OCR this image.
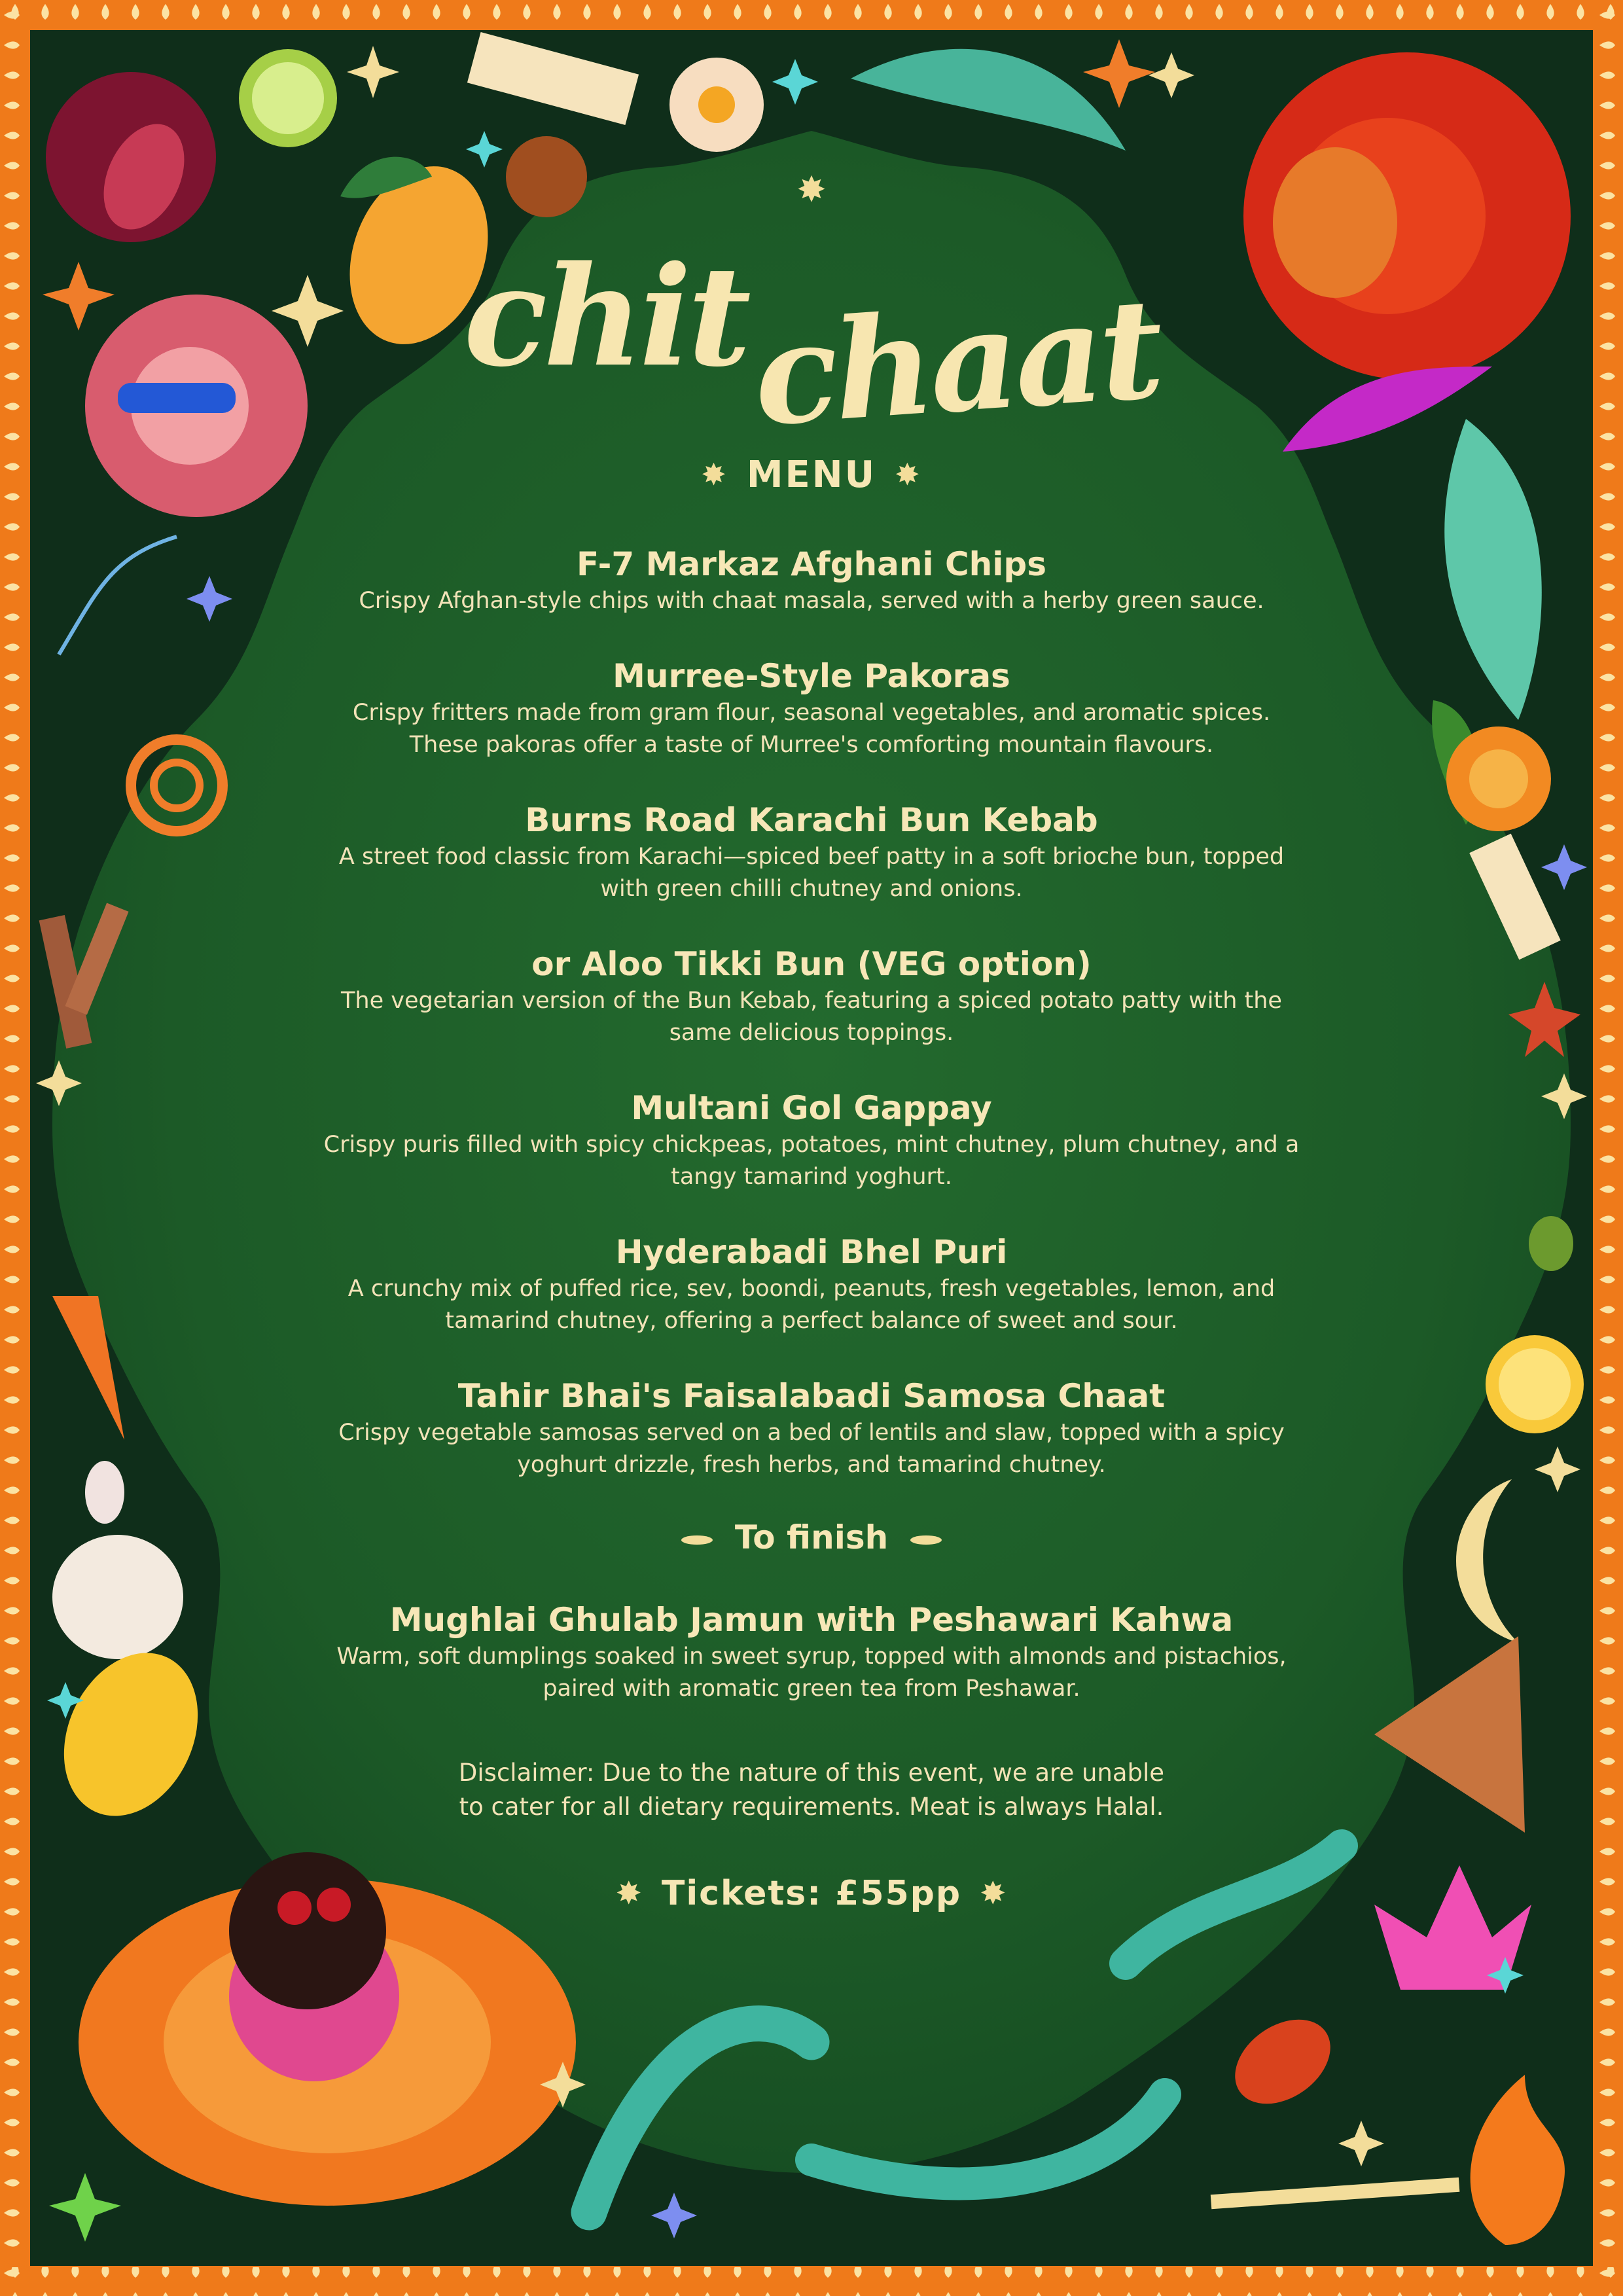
✸
chitchaat
✸ MENU ✸
F-7 Markaz Afghani Chips
Crispy Afghan-style chips with chaat masala, served with a herby green sauce.
Murree-Style Pakoras
Crispy fritters made from gram flour, seasonal vegetables, and aromatic spices.
These pakoras offer a taste of Murree's comforting mountain flavours.
Burns Road Karachi Bun Kebab
A street food classic from Karachi—spiced beef patty in a soft brioche bun, topped
with green chilli chutney and onions.
or Aloo Tikki Bun (VEG option)
The vegetarian version of the Bun Kebab, featuring a spiced potato patty with the
same delicious toppings.
Multani Gol Gappay
Crispy puris filled with spicy chickpeas, potatoes, mint chutney, plum chutney, and a
tangy tamarind yoghurt.
Hyderabadi Bhel Puri
A crunchy mix of puffed rice, sev, boondi, peanuts, fresh vegetables, lemon, and
tamarind chutney, offering a perfect balance of sweet and sour.
Tahir Bhai's Faisalabadi Samosa Chaat
Crispy vegetable samosas served on a bed of lentils and slaw, topped with a spicy
yoghurt drizzle, fresh herbs, and tamarind chutney.
To finish
Mughlai Ghulab Jamun with Peshawari Kahwa
Warm, soft dumplings soaked in sweet syrup, topped with almonds and pistachios,
paired with aromatic green tea from Peshawar.
Disclaimer: Due to the nature of this event, we are unable
to cater for all dietary requirements. Meat is always Halal.
✸ Tickets: £55pp ✸
